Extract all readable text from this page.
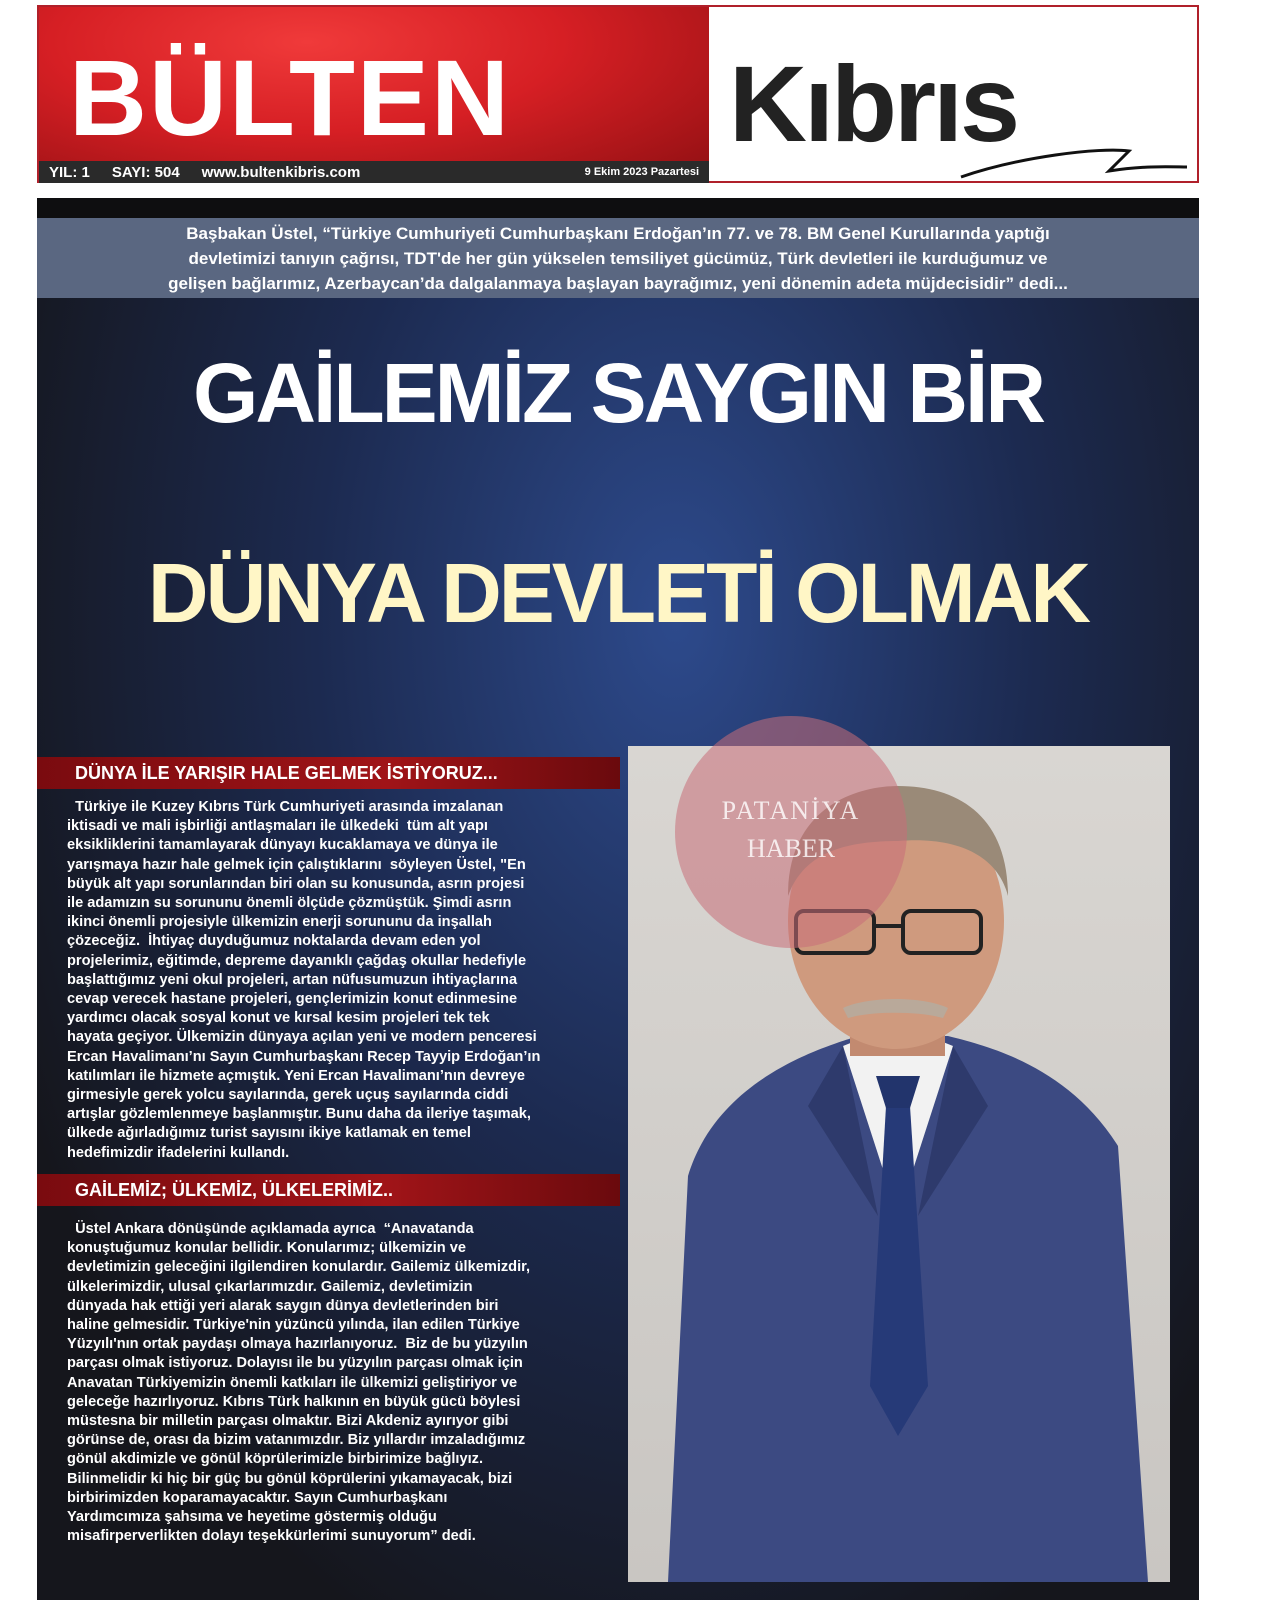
BÜLTEN
YIL: 1 SAYI: 504 www.bultenkibris.com	9 Ekim 2023 Pazartesi
Kıbrıs
Başbakan Üstel, “Türkiye Cumhuriyeti Cumhurbaşkanı Erdoğan’ın 77. ve 78. BM Genel Kurullarında yaptığı
devletimizi tanıyın çağrısı, TDT'de her gün yükselen temsiliyet gücümüz, Türk devletleri ile kurduğumuz ve
gelişen bağlarımız, Azerbaycan’da dalgalanmaya başlayan bayrağımız, yeni dönemin adeta müjdecisidir” dedi...
GAİLEMİZ SAYGIN BİR
DÜNYA DEVLETİ OLMAK
PATANİYA
HABER
DÜNYA İLE YARIŞIR HALE GELMEK İSTİYORUZ...
Türkiye ile Kuzey Kıbrıs Türk Cumhuriyeti arasında imzalanan
iktisadi ve mali işbirliği antlaşmaları ile ülkedeki  tüm alt yapı
eksikliklerini tamamlayarak dünyayı kucaklamaya ve dünya ile
yarışmaya hazır hale gelmek için çalıştıklarını  söyleyen Üstel, "En
büyük alt yapı sorunlarından biri olan su konusunda, asrın projesi
ile adamızın su sorununu önemli ölçüde çözmüştük. Şimdi asrın
ikinci önemli projesiyle ülkemizin enerji sorununu da inşallah
çözeceğiz.  İhtiyaç duyduğumuz noktalarda devam eden yol
projelerimiz, eğitimde, depreme dayanıklı çağdaş okullar hedefiyle
başlattığımız yeni okul projeleri, artan nüfusumuzun ihtiyaçlarına
cevap verecek hastane projeleri, gençlerimizin konut edinmesine
yardımcı olacak sosyal konut ve kırsal kesim projeleri tek tek
hayata geçiyor. Ülkemizin dünyaya açılan yeni ve modern penceresi
Ercan Havalimanı’nı Sayın Cumhurbaşkanı Recep Tayyip Erdoğan’ın
katılımları ile hizmete açmıştık. Yeni Ercan Havalimanı’nın devreye
girmesiyle gerek yolcu sayılarında, gerek uçuş sayılarında ciddi
artışlar gözlemlenmeye başlanmıştır. Bunu daha da ileriye taşımak,
ülkede ağırladığımız turist sayısını ikiye katlamak en temel
hedefimizdir ifadelerini kullandı.
GAİLEMİZ; ÜLKEMİZ, ÜLKELERİMİZ..
Üstel Ankara dönüşünde açıklamada ayrıca  “Anavatanda
konuştuğumuz konular bellidir. Konularımız; ülkemizin ve
devletimizin geleceğini ilgilendiren konulardır. Gailemiz ülkemizdir,
ülkelerimizdir, ulusal çıkarlarımızdır. Gailemiz, devletimizin
dünyada hak ettiği yeri alarak saygın dünya devletlerinden biri
haline gelmesidir. Türkiye'nin yüzüncü yılında, ilan edilen Türkiye
Yüzyılı'nın ortak paydaşı olmaya hazırlanıyoruz.  Biz de bu yüzyılın
parçası olmak istiyoruz. Dolayısı ile bu yüzyılın parçası olmak için
Anavatan Türkiyemizin önemli katkıları ile ülkemizi geliştiriyor ve
geleceğe hazırlıyoruz. Kıbrıs Türk halkının en büyük gücü böylesi
müstesna bir milletin parçası olmaktır. Bizi Akdeniz ayırıyor gibi
görünse de, orası da bizim vatanımızdır. Biz yıllardır imzaladığımız
gönül akdimizle ve gönül köprülerimizle birbirimize bağlıyız.
Bilinmelidir ki hiç bir güç bu gönül köprülerini yıkamayacak, bizi
birbirimizden koparamayacaktır. Sayın Cumhurbaşkanı
Yardımcımıza şahsıma ve heyetime göstermiş olduğu
misafirperverlikten dolayı teşekkürlerimi sunuyorum” dedi.
